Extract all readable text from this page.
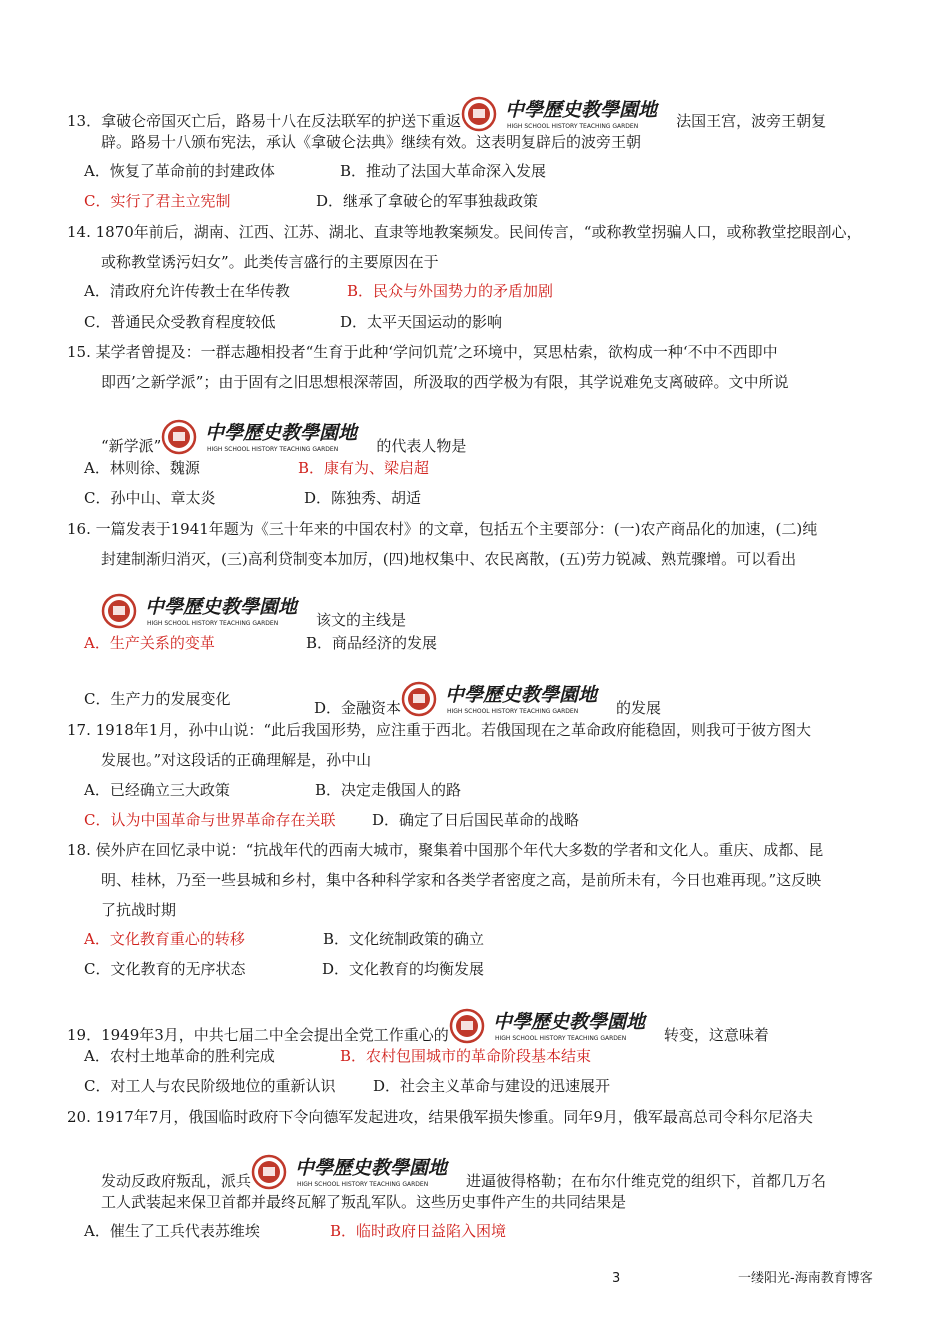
13．拿破仑帝国灭亡后，路易十八在反法联军的护送下重返 中學歷史教學園地
HIGH SCHOOL HISTORY TEACHING GARDEN	法国王宫，波旁王朝复
辟。路易十八颁布宪法，承认《拿破仑法典》继续有效。这表明复辟后的波旁王朝
A．恢复了革命前的封建政体	B．推动了法国大革命深入发展
C．实行了君主立宪制	D．继承了拿破仑的军事独裁政策
14. 1870年前后，湖南、江西、江苏、湖北、直隶等地教案频发。民间传言，“或称教堂拐骗人口，或称教堂挖眼剖心，
或称教堂诱污妇女”。此类传言盛行的主要原因在于
A．清政府允许传教士在华传教	B．民众与外国势力的矛盾加剧
C．普通民众受教育程度较低	D．太平天国运动的影响
15. 某学者曾提及：一群志趣相投者“生育于此种‘学问饥荒’之环境中，冥思枯索，欲构成一种‘不中不西即中
即西’之新学派”；由于固有之旧思想根深蒂固，所汲取的西学极为有限，其学说难免支离破碎。文中所说
“新学派”
中學歷史教學園地
HIGH SCHOOL HISTORY TEACHING GARDEN	的代表人物是
A．林则徐、魏源	B．康有为、梁启超
C．孙中山、章太炎	D．陈独秀、胡适
16. 一篇发表于1941年题为《三十年来的中国农村》的文章，包括五个主要部分：(一)农产商品化的加速，(二)纯
封建制渐归消灭，(三)高利贷制变本加厉，(四)地权集中、农民离散，(五)劳力锐减、熟荒骤增。可以看出
中學歷史教學園地
HIGH SCHOOL HISTORY TEACHING GARDEN	该文的主线是
A．生产关系的变革	B．商品经济的发展
C．生产力的发展变化	D．金融资本
中學歷史教學園地
HIGH SCHOOL HISTORY TEACHING GARDEN	的发展
17. 1918年1月，孙中山说：“此后我国形势，应注重于西北。若俄国现在之革命政府能稳固，则我可于彼方图大
发展也。”对这段话的正确理解是，孙中山
A．已经确立三大政策	B．决定走俄国人的路
C．认为中国革命与世界革命存在关联 D．确定了日后国民革命的战略
18. 侯外庐在回忆录中说：“抗战年代的西南大城市，聚集着中国那个年代大多数的学者和文化人。重庆、成都、昆
明、桂林，乃至一些县城和乡村，集中各种科学家和各类学者密度之高，是前所未有，今日也难再现。”这反映
了抗战时期
A．文化教育重心的转移	B．文化统制政策的确立
C．文化教育的无序状态	D．文化教育的均衡发展
19．1949年3月，中共七届二中全会提出全党工作重心的
中學歷史教學園地
HIGH SCHOOL HISTORY TEACHING GARDEN	转变，这意味着
A．农村土地革命的胜利完成	B．农村包围城市的革命阶段基本结束
C．对工人与农民阶级地位的重新认识	D．社会主义革命与建设的迅速展开
20. 1917年7月，俄国临时政府下令向德军发起进攻，结果俄军损失惨重。同年9月，俄军最高总司令科尔尼洛夫
发动反政府叛乱，派兵
中學歷史教學園地
HIGH SCHOOL HISTORY TEACHING GARDEN	进逼彼得格勒；在布尔什维克党的组织下，首都几万名
工人武装起来保卫首都并最终瓦解了叛乱军队。这些历史事件产生的共同结果是
A．催生了工兵代表苏维埃	B．临时政府日益陷入困境
3	一缕阳光-海南教育博客
